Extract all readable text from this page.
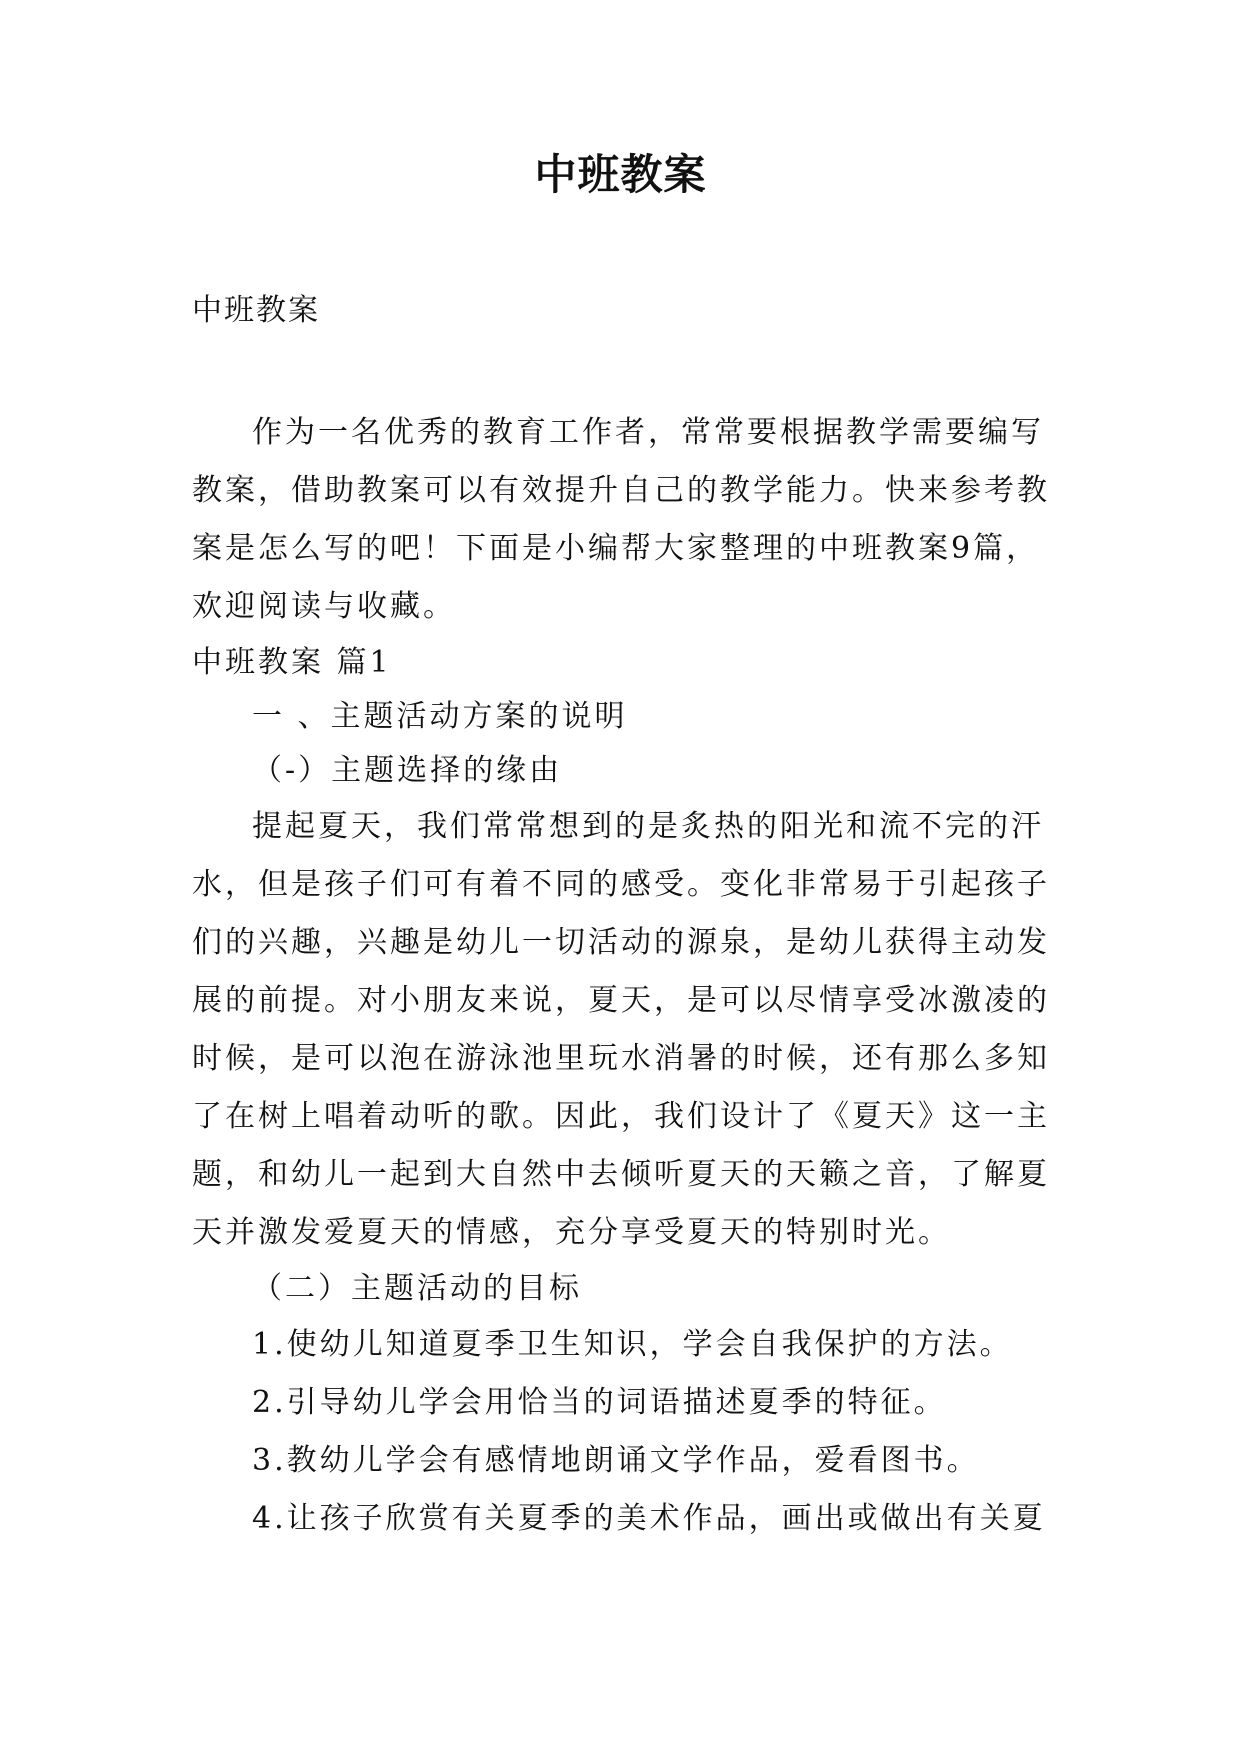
中班教案
中班教案

作为一名优秀的教育工作者，常常要根据教学需要编写教案，借助教案可以有效提升自己的教学能力。快来参考教案是怎么写的吧！下面是小编帮大家整理的中班教案9篇，欢迎阅读与收藏。

中班教案 篇1

一 、主题活动方案的说明

（-）主题选择的缘由

提起夏天，我们常常想到的是炙热的阳光和流不完的汗水，但是孩子们可有着不同的感受。变化非常易于引起孩子们的兴趣，兴趣是幼儿一切活动的源泉，是幼儿获得主动发展的前提。对小朋友来说，夏天，是可以尽情享受冰激凌的时候，是可以泡在游泳池里玩水消暑的时候，还有那么多知了在树上唱着动听的歌。因此，我们设计了《夏天》这一主题，和幼儿一起到大自然中去倾听夏天的天籁之音，了解夏天并激发爱夏天的情感，充分享受夏天的特别时光。

（二）主题活动的目标

1.使幼儿知道夏季卫生知识，学会自我保护的方法。

2.引导幼儿学会用恰当的词语描述夏季的特征。

3.教幼儿学会有感情地朗诵文学作品，爱看图书。

4.让孩子欣赏有关夏季的美术作品，画出或做出有关夏
